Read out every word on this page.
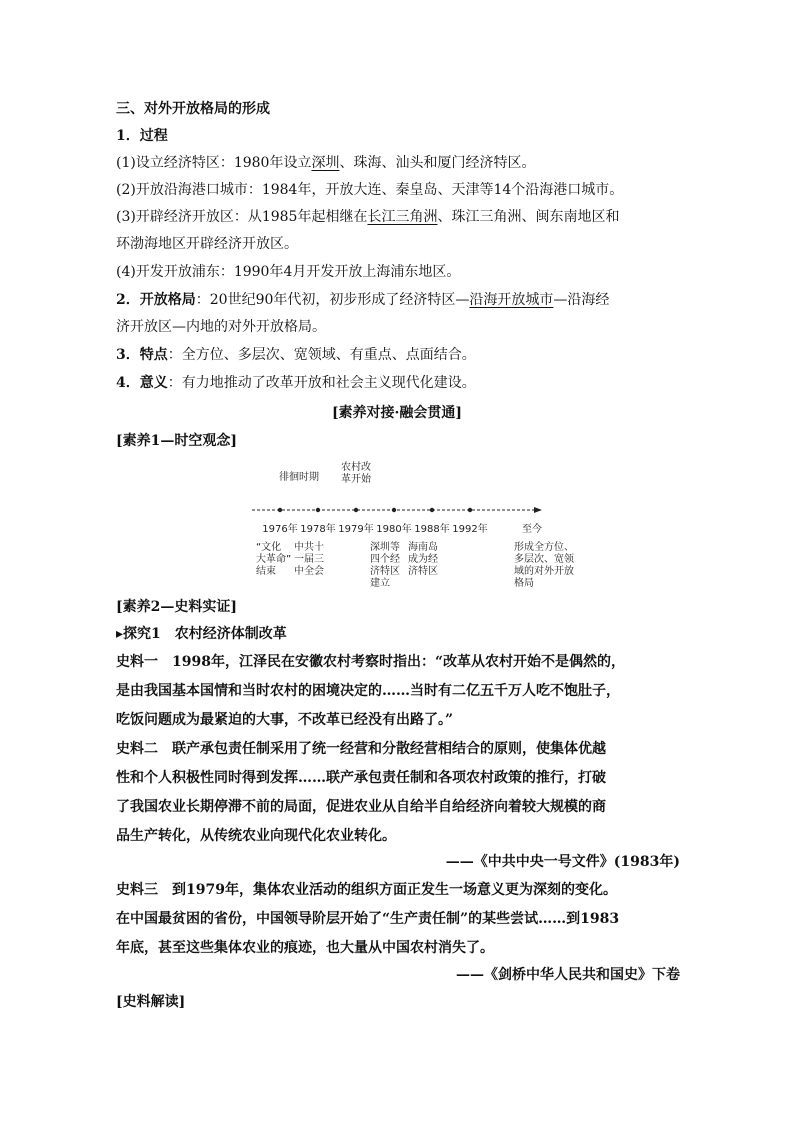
三、对外开放格局的形成
1．过程
(1)设立经济特区：1980年设立深圳、珠海、汕头和厦门经济特区。
(2)开放沿海港口城市：1984年，开放大连、秦皇岛、天津等14个沿海港口城市。
(3)开辟经济开放区：从1985年起相继在长江三角洲、珠江三角洲、闽东南地区和
环渤海地区开辟经济开放区。
(4)开发开放浦东：1990年4月开发开放上海浦东地区。
2．开放格局：20世纪90年代初，初步形成了经济特区—沿海开放城市—沿海经
济开放区—内地的对外开放格局。
3．特点：全方位、多层次、宽领域、有重点、点面结合。
4．意义：有力地推动了改革开放和社会主义现代化建设。
[素养对接·融会贯通]
[素养1—时空观念]
1976年 1978年 1979年 1980年 1988年 1992年	至今
徘徊时期
农村改
革开始
“文化
大革命”
结束
中共十
一届三
中全会
深圳等
四个经
济特区
建立
海南岛
成为经
济特区
形成全方位、
多层次、宽领
域的对外开放
格局
[素养2—史料实证]
▸探究1　农村经济体制改革
史料一　1998年，江泽民在安徽农村考察时指出：“改革从农村开始不是偶然的，
是由我国基本国情和当时农村的困境决定的……当时有二亿五千万人吃不饱肚子，
吃饭问题成为最紧迫的大事，不改革已经没有出路了。”
史料二　联产承包责任制采用了统一经营和分散经营相结合的原则，使集体优越
性和个人积极性同时得到发挥……联产承包责任制和各项农村政策的推行，打破
了我国农业长期停滞不前的局面，促进农业从自给半自给经济向着较大规模的商
品生产转化，从传统农业向现代化农业转化。
——《中共中央一号文件》(1983年)
史料三　到1979年，集体农业活动的组织方面正发生一场意义更为深刻的变化。
在中国最贫困的省份，中国领导阶层开始了“生产责任制”的某些尝试……到1983
年底，甚至这些集体农业的痕迹，也大量从中国农村消失了。
——《剑桥中华人民共和国史》下卷
[史料解读]
